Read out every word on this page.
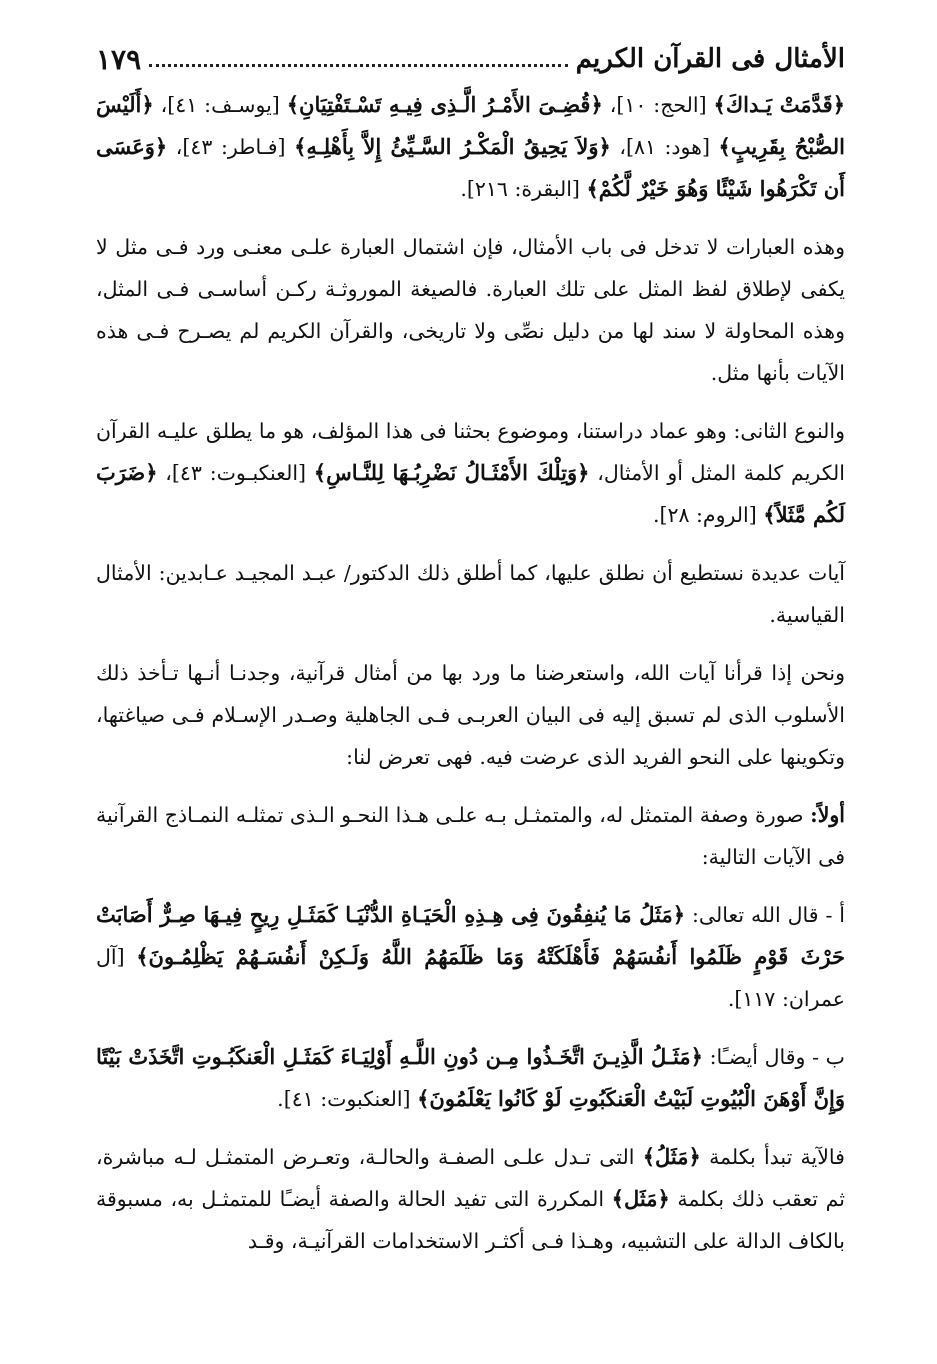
الأمثال فى القرآن الكريم
١٧٩

﴿قَدَّمَتْ يَـداكَ﴾ [الحج: ١٠]، ﴿قُضِـىَ الأَمْـرُ الَّـذِى فِيـهِ تَسْـتَفْتِيَانِ﴾ [يوسـف: ٤١]، ﴿أَلَيْسَ الصُّبْحُ بِقَرِيبٍ﴾ [هود: ٨١]، ﴿وَلاَ يَحِيقُ الْمَكْـرُ السَّـيِّئُ إِلاَّ بِأَهْلِـهِ﴾ [فـاطر: ٤٣]، ﴿وَعَسَى أَن تَكْرَهُوا شَيْئًا وَهُوَ خَيْرٌ لَّكُمْ﴾ [البقرة: ٢١٦].

وهذه العبارات لا تدخل فى باب الأمثال، فإن اشتمال العبارة علـى معنـى ورد فـى مثل لا يكفى لإطلاق لفظ المثل على تلك العبارة. فالصيغة الموروثـة ركـن أساسـى فـى المثل، وهذه المحاولة لا سند لها من دليل نصِّى ولا تاريخى، والقرآن الكريم لم يصـرح فـى هذه الآيات بأنها مثل.

والنوع الثانى: وهو عماد دراستنا، وموضوع بحثنا فى هذا المؤلف، هو ما يطلق عليـه القرآن الكريم كلمة المثل أو الأمثال، ﴿وَتِلْكَ الأَمْثَـالُ نَضْرِبُـهَا لِلنَّـاسِ﴾ [العنكبـوت: ٤٣]، ﴿ضَرَبَ لَكُم مَّثَلاً﴾ [الروم: ٢٨].

آيات عديدة نستطيع أن نطلق عليها، كما أطلق ذلك الدكتور/ عبـد المجيـد عـابدين: الأمثال القياسية.

ونحن إذا قرأنا آيات الله، واستعرضنا ما ورد بها من أمثال قرآنية، وجدنـا أنـها تـأخذ ذلك الأسلوب الذى لم تسبق إليه فى البيان العربـى فـى الجاهلية وصـدر الإسـلام فـى صياغتها، وتكوينها على النحو الفريد الذى عرضت فيه. فهى تعرض لنا:

أولاً: صورة وصفة المتمثل له، والمتمثـل بـه علـى هـذا النحـو الـذى تمثلـه النمـاذج القرآنية فى الآيات التالية:

أ - قال الله تعالى: ﴿مَثَلُ مَا يُنفِقُونَ فِى هِـذِهِ الْحَيَـاةِ الدُّنْيَـا كَمَثَـلِ رِيحٍ فِيـهَا صِـرٌّ أَصَابَتْ حَرْثَ قَوْمٍ ظَلَمُوا أَنفُسَهُمْ فَأَهْلَكَتْهُ وَمَا ظَلَمَهُمُ اللَّهُ وَلَـكِنْ أَنفُسَـهُمْ يَظْلِمُـونَ﴾ [آل عمران: ١١٧].

ب - وقال أيضـًا: ﴿مَثَـلُ الَّذِيـنَ اتَّخَـذُوا مِـن دُونِ اللَّـهِ أَوْلِيَـاءَ كَمَثَـلِ الْعَنكَبُـوتِ اتَّخَذَتْ بَيْتًا وَإِنَّ أَوْهَنَ الْبُيُوتِ لَبَيْتُ الْعَنكَبُوتِ لَوْ كَانُوا يَعْلَمُونَ﴾ [العنكبوت: ٤١].

فالآية تبدأ بكلمة ﴿مَثَلُ﴾ التى تـدل علـى الصفـة والحالـة، وتعـرض المتمثـل لـه مباشرة، ثم تعقب ذلك بكلمة ﴿مَثَل﴾ المكررة التى تفيد الحالة والصفة أيضـًا للمتمثـل به، مسبوقة بالكاف الدالة على التشبيه، وهـذا فـى أكثـر الاستخدامات القرآنيـة، وقـد
